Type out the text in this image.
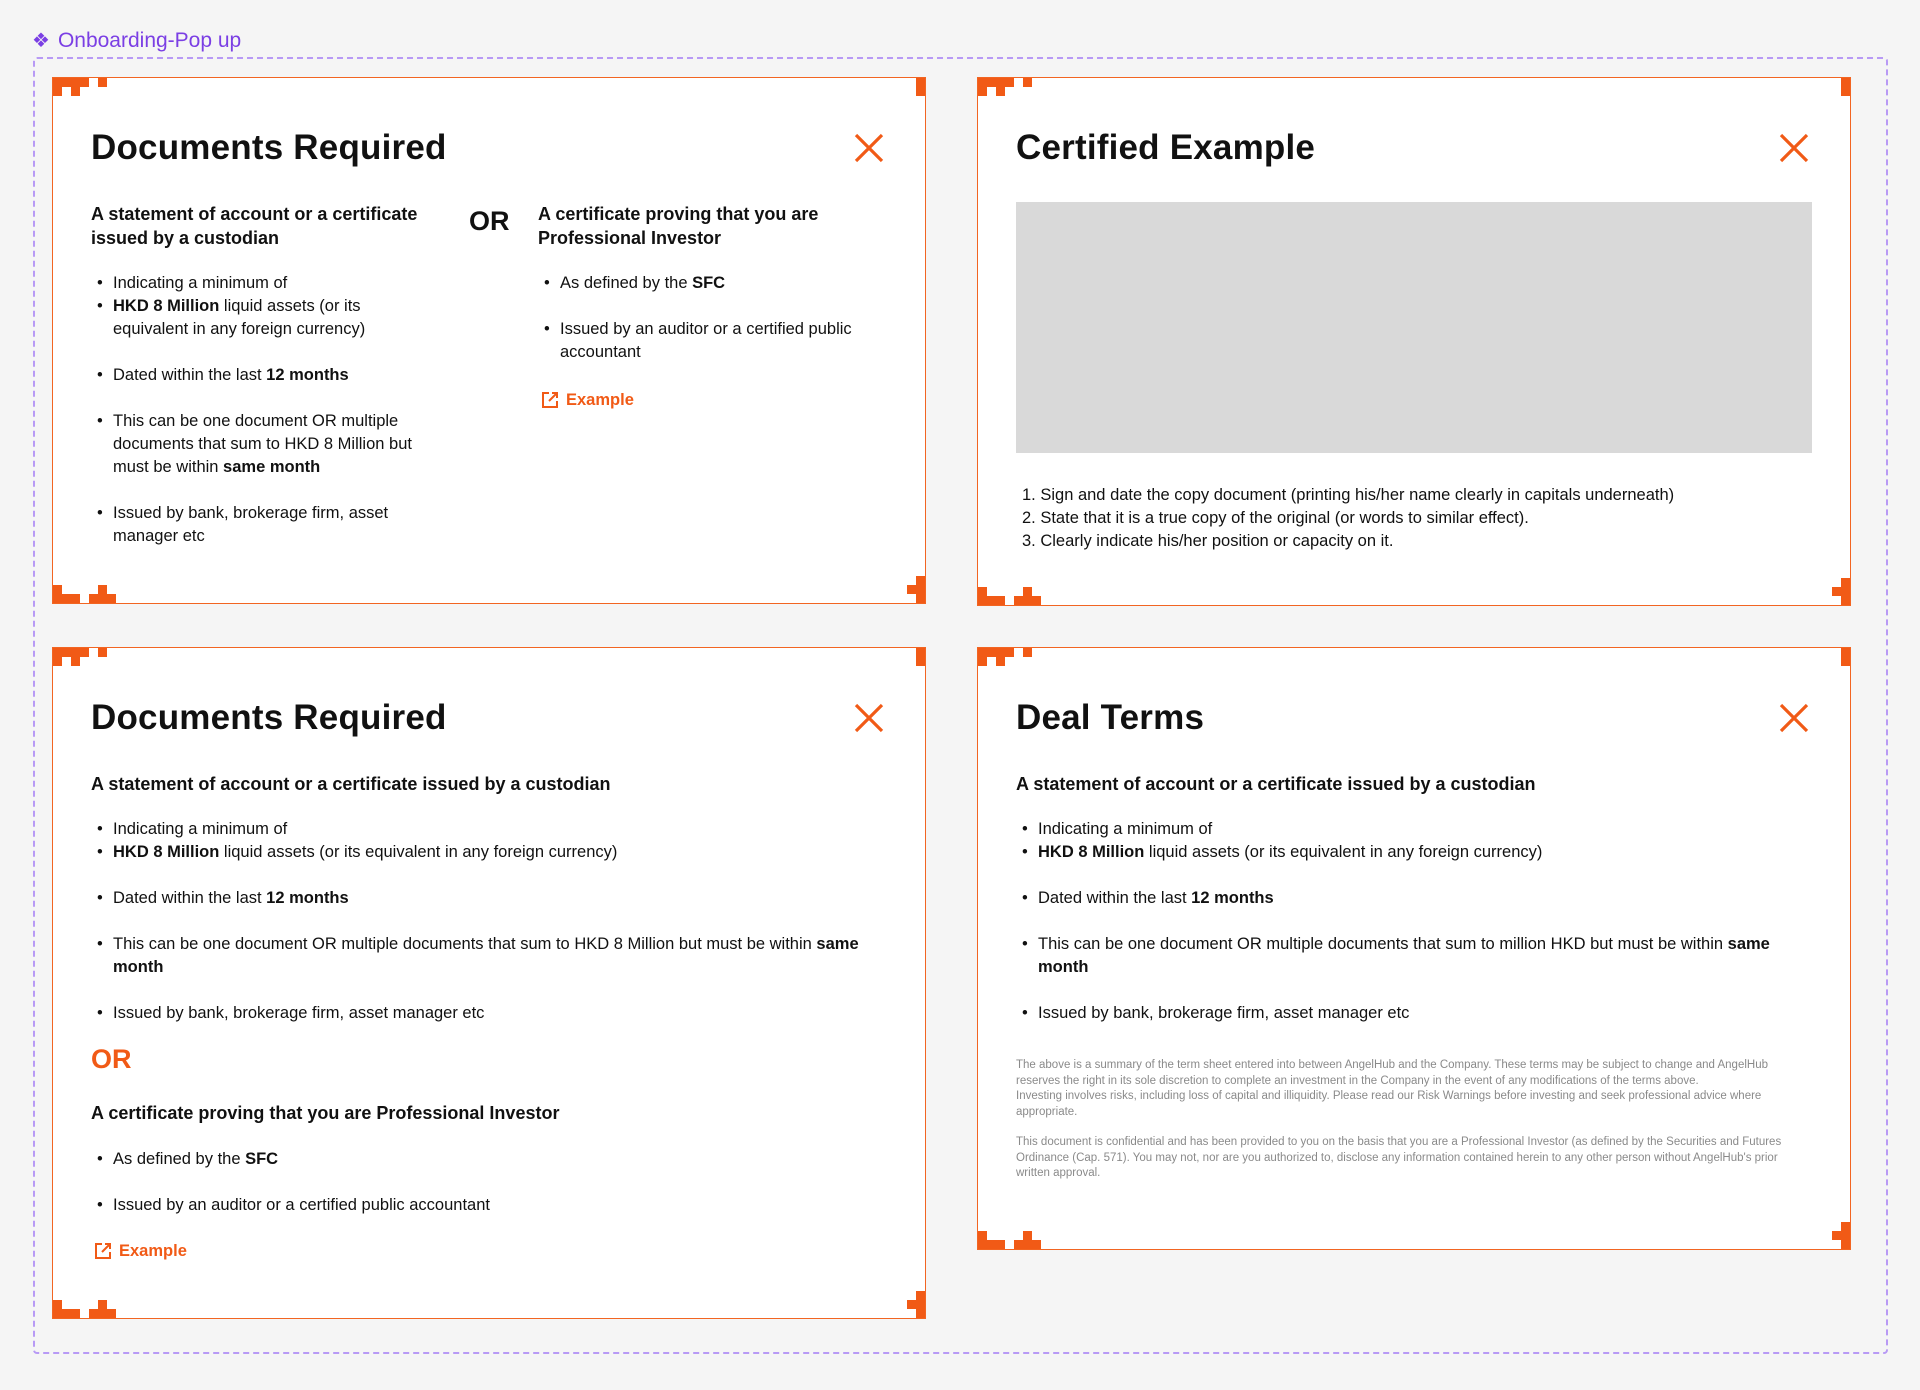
❖ Onboarding-Pop up
Documents Required
A statement of account or a certificate issued by a custodian
OR A certificate proving that you are Professional Investor
• Indicating a minimum of
• HKD 8 Million liquid assets (or its equivalent in any foreign currency)
• Dated within the last 12 months
• This can be one document OR multiple documents that sum to HKD 8 Million but must be within same month
• Issued by bank, brokerage firm, asset manager etc
• As defined by the SFC
• Issued by an auditor or a certified public accountant
Example
Certified Example
1. Sign and date the copy document (printing his/her name clearly in capitals underneath)
2. State that it is a true copy of the original (or words to similar effect).
3. Clearly indicate his/her position or capacity on it.
Documents Required
A statement of account or a certificate issued by a custodian
• Indicating a minimum of
• HKD 8 Million liquid assets (or its equivalent in any foreign currency)
• Dated within the last 12 months
• This can be one document OR multiple documents that sum to HKD 8 Million but must be within same month
• Issued by bank, brokerage firm, asset manager etc
OR
A certificate proving that you are Professional Investor
• As defined by the SFC
• Issued by an auditor or a certified public accountant
Example
Deal Terms
A statement of account or a certificate issued by a custodian
• Indicating a minimum of
• HKD 8 Million liquid assets (or its equivalent in any foreign currency)
• Dated within the last 12 months
• This can be one document OR multiple documents that sum to million HKD but must be within same month
• Issued by bank, brokerage firm, asset manager etc

The above is a summary of the term sheet entered into between AngelHub and the Company. These terms may be subject to change and AngelHub reserves the right in its sole discretion to complete an investment in the Company in the event of any modifications of the terms above.

Investing involves risks, including loss of capital and illiquidity. Please read our Risk Warnings before investing and seek professional advice where appropriate.

This document is confidential and has been provided to you on the basis that you are a Professional Investor (as defined by the Securities and Futures Ordinance (Cap. 571). You may not, nor are you authorized to, disclose any information contained herein to any other person without AngelHub's prior written approval.
